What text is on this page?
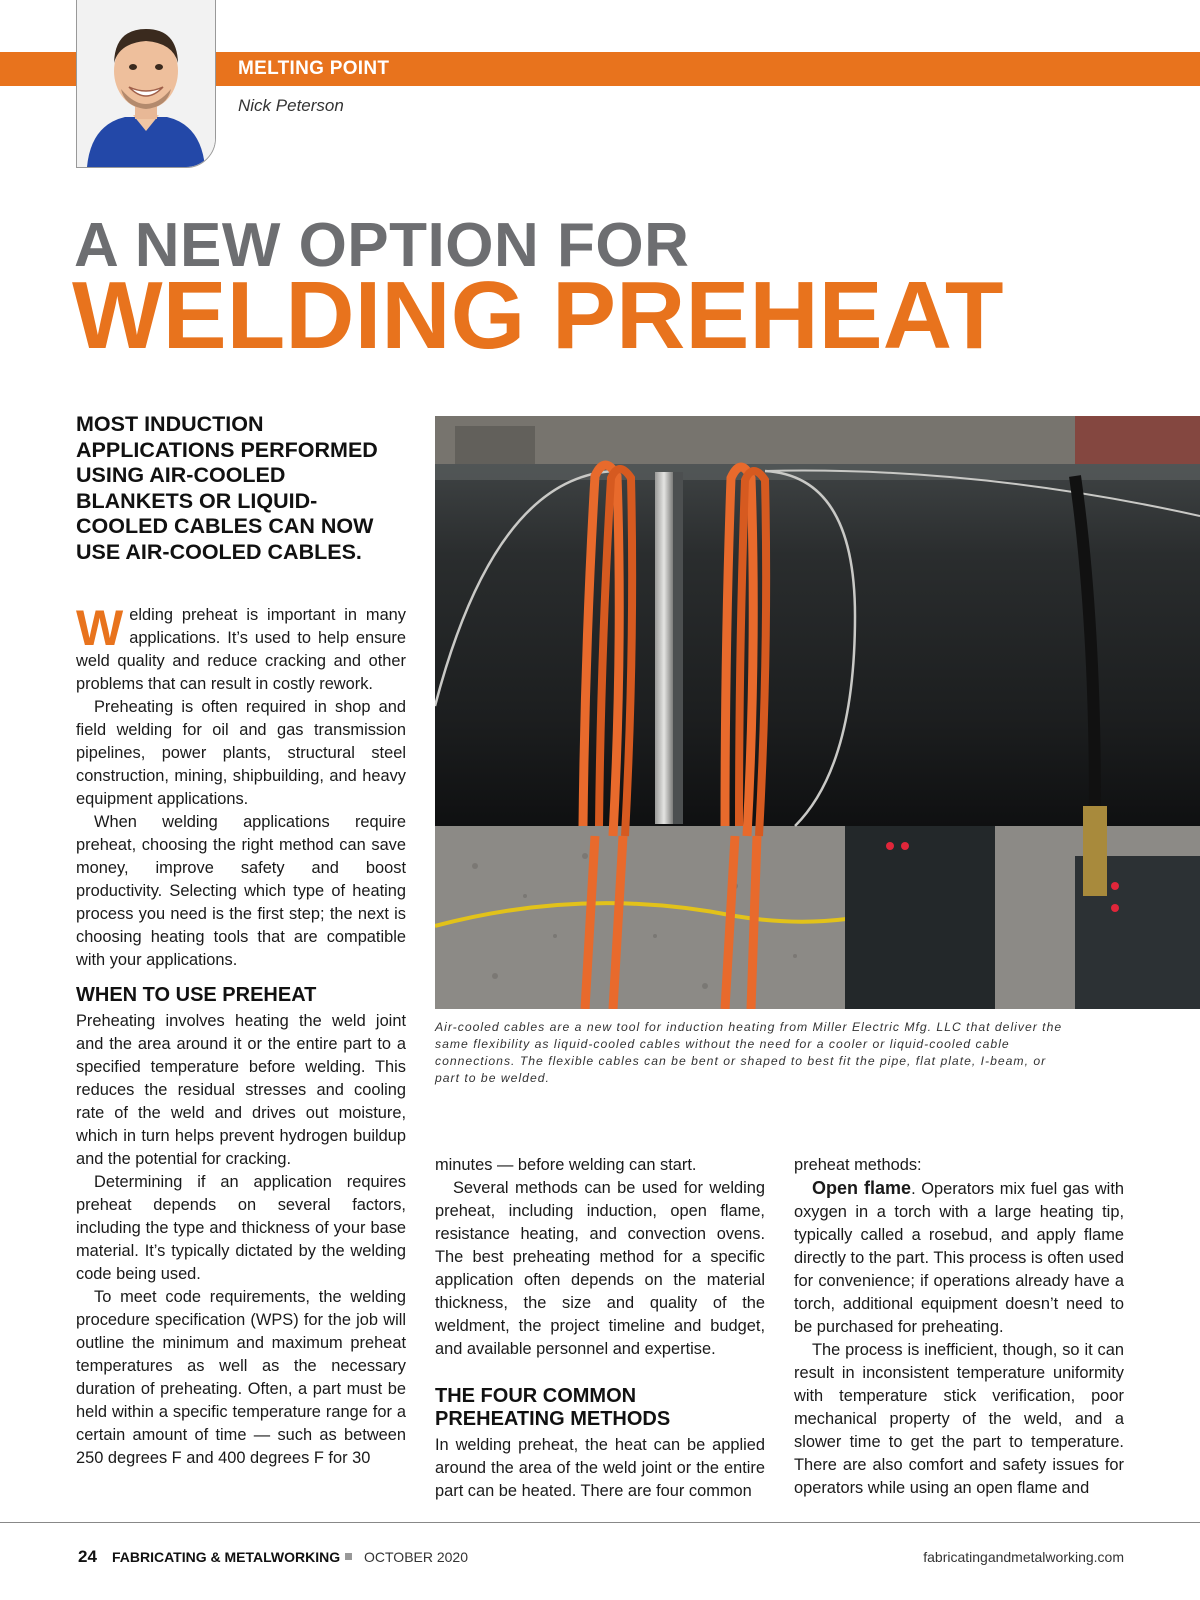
MELTING POINT
Nick Peterson
A NEW OPTION FOR
WELDING PREHEAT
MOST INDUCTION APPLICATIONS PERFORMED USING AIR-COOLED BLANKETS OR LIQUID-COOLED CABLES CAN NOW USE AIR-COOLED CABLES.

Welding preheat is important in many applications. It’s used to help ensure weld quality and reduce cracking and other problems that can result in costly rework.

Preheating is often required in shop and field welding for oil and gas transmission pipelines, power plants, structural steel construction, mining, shipbuilding, and heavy equipment applications.

When welding applications require preheat, choosing the right method can save money, improve safety and boost productivity. Selecting which type of heating process you need is the first step; the next is choosing heating tools that are compatible with your applications.

WHEN TO USE PREHEAT

Preheating involves heating the weld joint and the area around it or the entire part to a specified temperature before welding. This reduces the residual stresses and cooling rate of the weld and drives out moisture, which in turn helps prevent hydrogen buildup and the potential for cracking.

Determining if an application requires preheat depends on several factors, including the type and thickness of your base material. It’s typically dictated by the welding code being used.

To meet code requirements, the welding procedure specification (WPS) for the job will outline the minimum and maximum preheat temperatures as well as the necessary duration of preheating. Often, a part must be held within a specific temperature range for a certain amount of time — such as between 250 degrees F and 400 degrees F for 30

minutes — before welding can start.

Several methods can be used for welding preheat, including induction, open flame, resistance heating, and convection ovens. The best preheating method for a specific application often depends on the material thickness, the size and quality of the weldment, the project timeline and budget, and available personnel and expertise.

THE FOUR COMMON PREHEATING METHODS

In welding preheat, the heat can be applied around the area of the weld joint or the entire part can be heated. There are four common

preheat methods:

Open flame. Operators mix fuel gas with oxygen in a torch with a large heating tip, typically called a rosebud, and apply flame directly to the part. This process is often used for convenience; if operations already have a torch, additional equipment doesn’t need to be purchased for preheating.

The process is inefficient, though, so it can result in inconsistent temperature uniformity with temperature stick verification, poor mechanical property of the weld, and a slower time to get the part to temperature. There are also comfort and safety issues for operators while using an open flame and

Air-cooled cables are a new tool for induction heating from Miller Electric Mfg. LLC that deliver the same flexibility as liquid-cooled cables without the need for a cooler or liquid-cooled cable connections. The flexible cables can be bent or shaped to best fit the pipe, flat plate, I-beam, or part to be welded.
24 FABRICATING & METALWORKING OCTOBER 2020	fabricatingandmetalworking.com
